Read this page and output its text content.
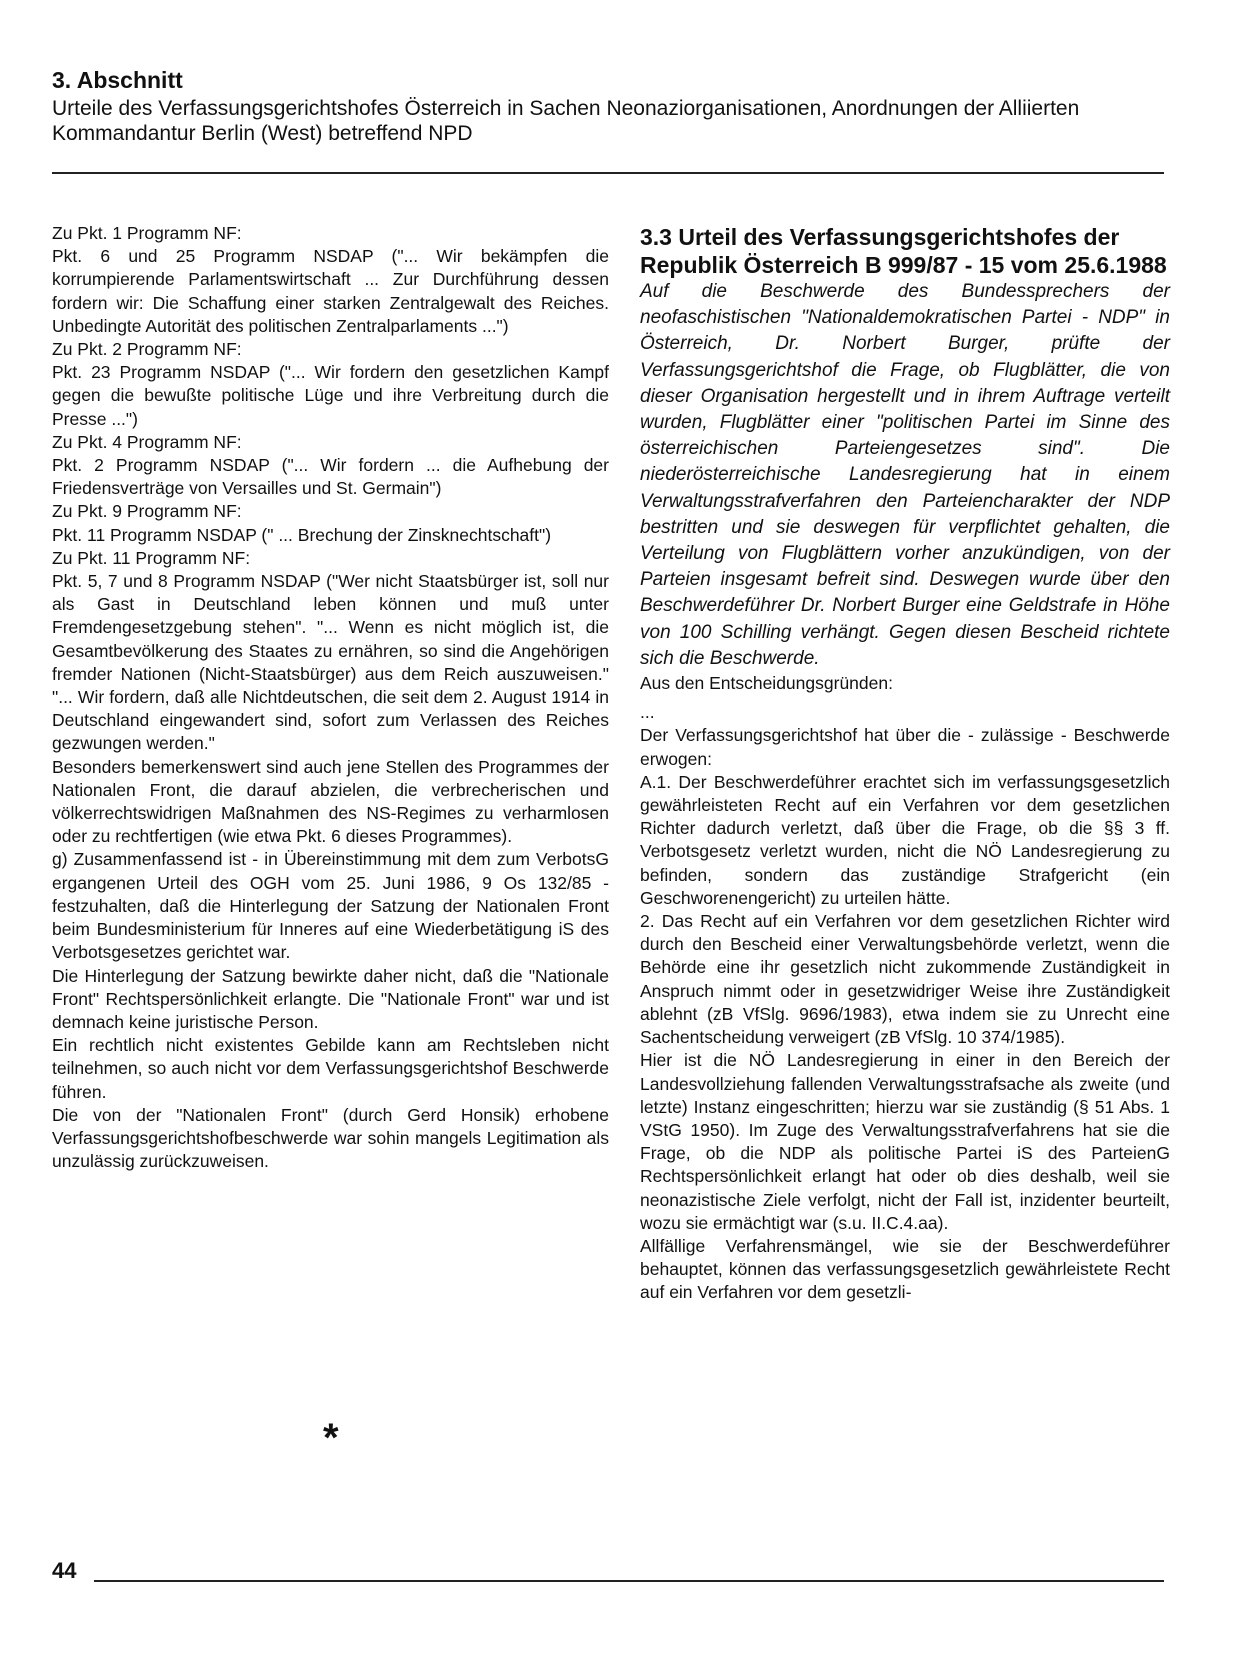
3. Abschnitt

Urteile des Verfassungsgerichtshofes Österreich in Sachen Neonaziorganisationen, Anordnungen der Alliierten Kommandantur Berlin (West) betreffend NPD

Zu Pkt. 1 Programm NF:

Pkt. 6 und 25 Programm NSDAP ("... Wir bekämpfen die korrumpierende Parlamentswirtschaft ... Zur Durchführung dessen fordern wir: Die Schaffung einer starken Zentralgewalt des Reiches. Unbedingte Autorität des politischen Zentralparlaments ...")

Zu Pkt. 2 Programm NF:

Pkt. 23 Programm NSDAP ("... Wir fordern den gesetzlichen Kampf gegen die bewußte politische Lüge und ihre Verbreitung durch die Presse ...")

Zu Pkt. 4 Programm NF:

Pkt. 2 Programm NSDAP ("... Wir fordern ... die Aufhebung der Friedensverträge von Versailles und St. Germain")

Zu Pkt. 9 Programm NF:

Pkt. 11 Programm NSDAP (" ... Brechung der Zinsknechtschaft")

Zu Pkt. 11 Programm NF:

Pkt. 5, 7 und 8 Programm NSDAP ("Wer nicht Staatsbürger ist, soll nur als Gast in Deutschland leben können und muß unter Fremdengesetzgebung stehen". "... Wenn es nicht möglich ist, die Gesamtbevölkerung des Staates zu ernähren, so sind die Angehörigen fremder Nationen (Nicht-Staatsbürger) aus dem Reich auszuweisen." "... Wir fordern, daß alle Nichtdeutschen, die seit dem 2. August 1914 in Deutschland eingewandert sind, sofort zum Verlassen des Reiches gezwungen werden."

Besonders bemerkenswert sind auch jene Stellen des Programmes der Nationalen Front, die darauf abzielen, die verbrecherischen und völkerrechtswidrigen Maßnahmen des NS-Regimes zu verharmlosen oder zu rechtfertigen (wie etwa Pkt. 6 dieses Programmes).

g) Zusammenfassend ist - in Übereinstimmung mit dem zum VerbotsG ergangenen Urteil des OGH vom 25. Juni 1986, 9 Os 132/85 - festzuhalten, daß die Hinterlegung der Satzung der Nationalen Front beim Bundesministerium für Inneres auf eine Wiederbetätigung iS des Verbotsgesetzes gerichtet war.

Die Hinterlegung der Satzung bewirkte daher nicht, daß die "Nationale Front" Rechtspersönlichkeit erlangte. Die "Nationale Front" war und ist demnach keine juristische Person.

Ein rechtlich nicht existentes Gebilde kann am Rechtsleben nicht teilnehmen, so auch nicht vor dem Verfassungsgerichtshof Beschwerde führen.

Die von der "Nationalen Front" (durch Gerd Honsik) erhobene Verfassungsgerichtshofbeschwerde war sohin mangels Legitimation als unzulässig zurückzuweisen.

*

3.3 Urteil des Verfassungsgerichtshofes der Republik Österreich B 999/87 - 15 vom 25.6.1988

Auf die Beschwerde des Bundessprechers der neofaschistischen "Nationaldemokratischen Partei - NDP" in Österreich, Dr. Norbert Burger, prüfte der Verfassungsgerichtshof die Frage, ob Flugblätter, die von dieser Organisation hergestellt und in ihrem Auftrage verteilt wurden, Flugblätter einer "politischen Partei im Sinne des österreichischen Parteiengesetzes sind". Die niederösterreichische Landesregierung hat in einem Verwaltungsstrafverfahren den Parteiencharakter der NDP bestritten und sie deswegen für verpflichtet gehalten, die Verteilung von Flugblättern vorher anzukündigen, von der Parteien insgesamt befreit sind. Deswegen wurde über den Beschwerdeführer Dr. Norbert Burger eine Geldstrafe in Höhe von 100 Schilling verhängt. Gegen diesen Bescheid richtete sich die Beschwerde.

Aus den Entscheidungsgründen:

...

Der Verfassungsgerichtshof hat über die - zulässige - Beschwerde erwogen:

A.1. Der Beschwerdeführer erachtet sich im verfassungsgesetzlich gewährleisteten Recht auf ein Verfahren vor dem gesetzlichen Richter dadurch verletzt, daß über die Frage, ob die §§ 3 ff. Verbotsgesetz verletzt wurden, nicht die NÖ Landesregierung zu befinden, sondern das zuständige Strafgericht (ein Geschworenengericht) zu urteilen hätte.

2. Das Recht auf ein Verfahren vor dem gesetzlichen Richter wird durch den Bescheid einer Verwaltungsbehörde verletzt, wenn die Behörde eine ihr gesetzlich nicht zukommende Zuständigkeit in Anspruch nimmt oder in gesetzwidriger Weise ihre Zuständigkeit ablehnt (zB VfSlg. 9696/1983), etwa indem sie zu Unrecht eine Sachentscheidung verweigert (zB VfSlg. 10 374/1985).

Hier ist die NÖ Landesregierung in einer in den Bereich der Landesvollziehung fallenden Verwaltungsstrafsache als zweite (und letzte) Instanz eingeschritten; hierzu war sie zuständig (§ 51 Abs. 1 VStG 1950). Im Zuge des Verwaltungsstrafverfahrens hat sie die Frage, ob die NDP als politische Partei iS des ParteienG Rechtspersönlichkeit erlangt hat oder ob dies deshalb, weil sie neonazistische Ziele verfolgt, nicht der Fall ist, inzidenter beurteilt, wozu sie ermächtigt war (s.u. II.C.4.aa).

Allfällige Verfahrensmängel, wie sie der Beschwerdeführer behauptet, können das verfassungsgesetzlich gewährleistete Recht auf ein Verfahren vor dem gesetzli-

44
